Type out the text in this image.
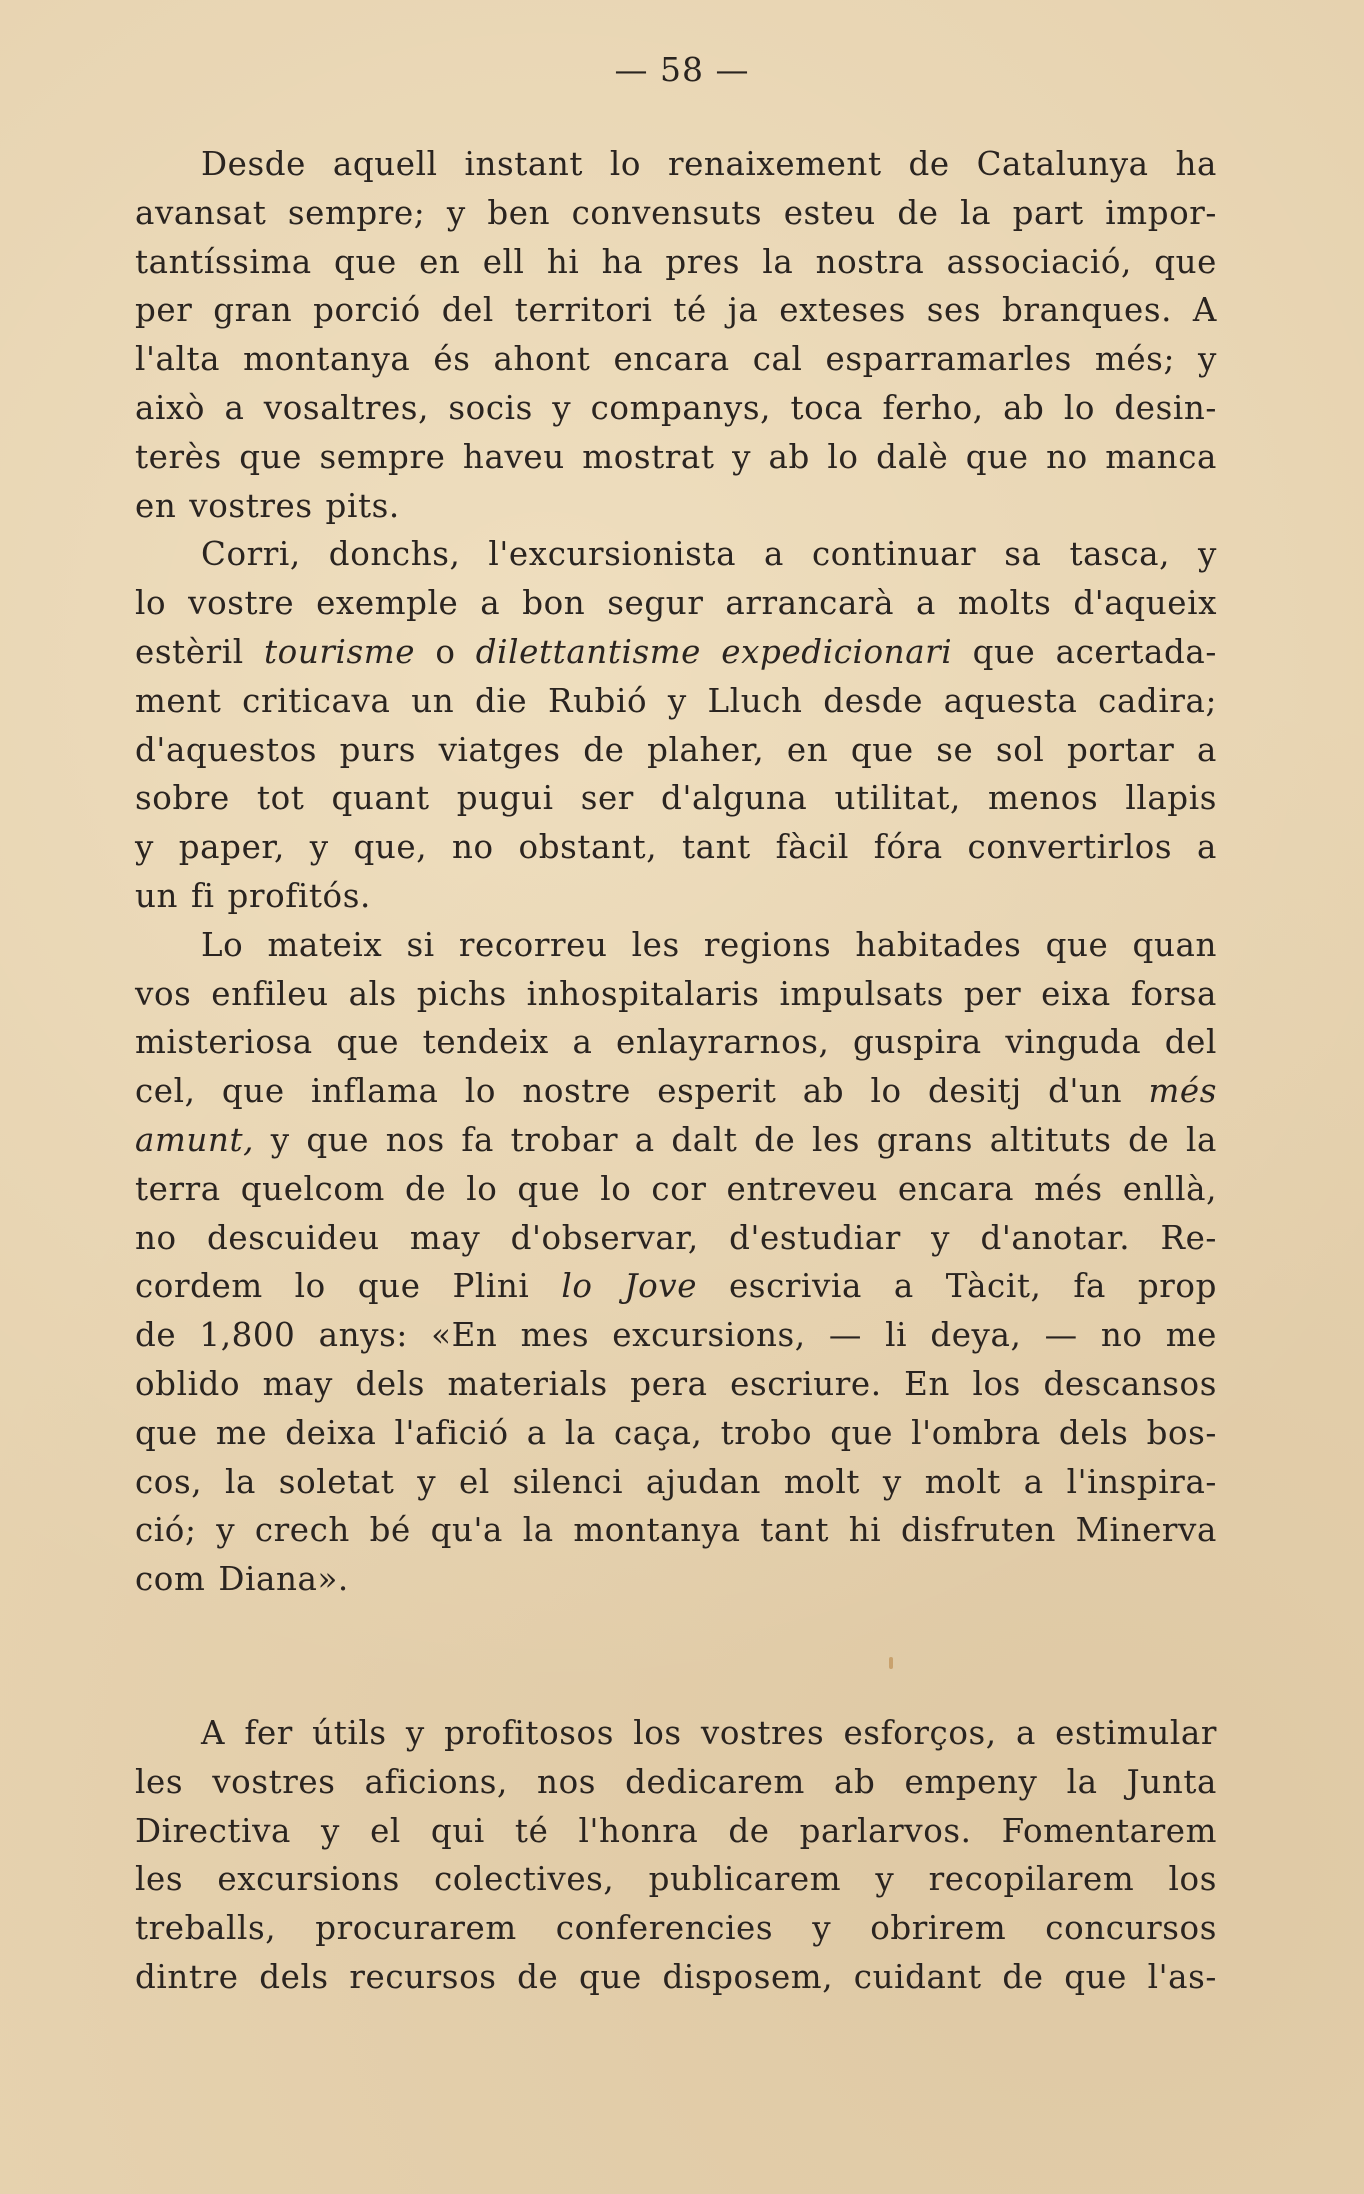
— 58 —

Desde aquell instant lo renaixement de Catalunya ha
avansat sempre; y ben convensuts esteu de la part impor-
tantíssima que en ell hi ha pres la nostra associació, que
per gran porció del territori té ja exteses ses branques. A
l'alta montanya és ahont encara cal esparramarles més; y
això a vosaltres, socis y companys, toca ferho, ab lo desin-
terès que sempre haveu mostrat y ab lo dalè que no manca
en vostres pits.

Corri, donchs, l'excursionista a continuar sa tasca, y
lo vostre exemple a bon segur arrancarà a molts d'aqueix
estèril tourisme o dilettantisme expedicionari que acertada-
ment criticava un die Rubió y Lluch desde aquesta cadira;
d'aquestos purs viatges de plaher, en que se sol portar a
sobre tot quant pugui ser d'alguna utilitat, menos llapis
y paper, y que, no obstant, tant fàcil fóra convertirlos a
un fi profitós.

Lo mateix si recorreu les regions habitades que quan
vos enfileu als pichs inhospitalaris impulsats per eixa forsa
misteriosa que tendeix a enlayrarnos, guspira vinguda del
cel, que inflama lo nostre esperit ab lo desitj d'un més
amunt, y que nos fa trobar a dalt de les grans altituts de la
terra quelcom de lo que lo cor entreveu encara més enllà,
no descuideu may d'observar, d'estudiar y d'anotar. Re-
cordem lo que Plini lo Jove escrivia a Tàcit, fa prop
de 1,800 anys: «En mes excursions, — li deya, — no me
oblido may dels materials pera escriure. En los descansos
que me deixa l'afició a la caça, trobo que l'ombra dels bos-
cos, la soletat y el silenci ajudan molt y molt a l'inspira-
ció; y crech bé qu'a la montanya tant hi disfruten Minerva
com Diana».

A fer útils y profitosos los vostres esforços, a estimular
les vostres aficions, nos dedicarem ab empeny la Junta
Directiva y el qui té l'honra de parlarvos. Fomentarem
les excursions colectives, publicarem y recopilarem los
treballs, procurarem conferencies y obrirem concursos
dintre dels recursos de que disposem, cuidant de que l'as-
